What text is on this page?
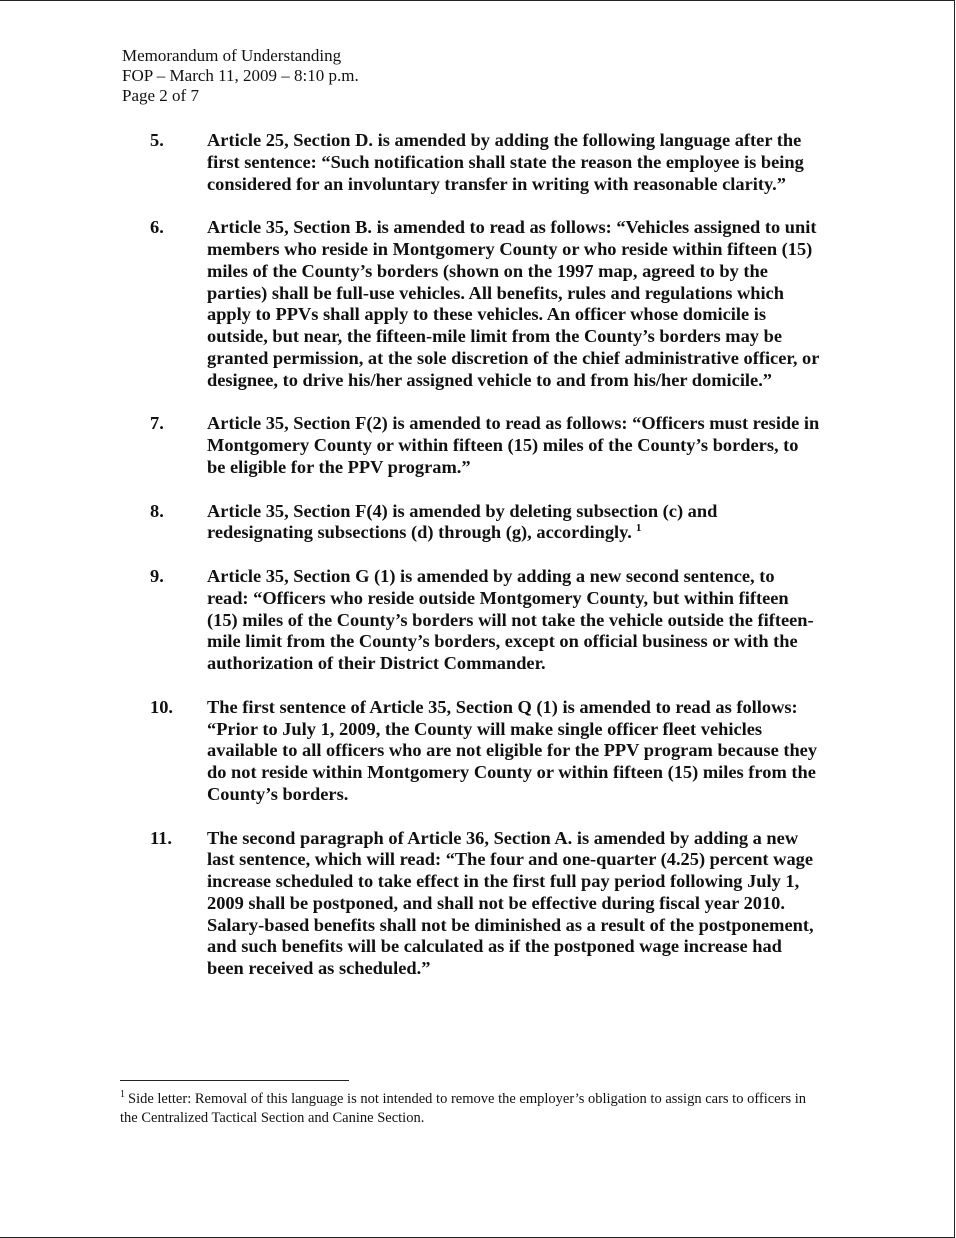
Memorandum of Understanding
FOP – March 11, 2009 – 8:10 p.m.
Page 2 of 7
5.	Article 25, Section D. is amended by adding the following language after the first sentence: “Such notification shall state the reason the employee is being considered for an involuntary transfer in writing with reasonable clarity.”
6.	Article 35, Section B. is amended to read as follows: “Vehicles assigned to unit members who reside in Montgomery County or who reside within fifteen (15) miles of the County’s borders (shown on the 1997 map, agreed to by the parties) shall be full-use vehicles. All benefits, rules and regulations which apply to PPVs shall apply to these vehicles. An officer whose domicile is outside, but near, the fifteen-mile limit from the County’s borders may be granted permission, at the sole discretion of the chief administrative officer, or designee, to drive his/her assigned vehicle to and from his/her domicile.”
7.	Article 35, Section F(2) is amended to read as follows: “Officers must reside in Montgomery County or within fifteen (15) miles of the County’s borders, to be eligible for the PPV program.”
8.	Article 35, Section F(4) is amended by deleting subsection (c) and redesignating subsections (d) through (g), accordingly. $^1$
9.	Article 35, Section G (1) is amended by adding a new second sentence, to read: “Officers who reside outside Montgomery County, but within fifteen (15) miles of the County’s borders will not take the vehicle outside the fifteen-mile limit from the County’s borders, except on official business or with the authorization of their District Commander.
10.	The first sentence of Article 35, Section Q (1) is amended to read as follows: “Prior to July 1, 2009, the County will make single officer fleet vehicles available to all officers who are not eligible for the PPV program because they do not reside within Montgomery County or within fifteen (15) miles from the County’s borders.
11.	The second paragraph of Article 36, Section A. is amended by adding a new last sentence, which will read: “The four and one-quarter (4.25) percent wage increase scheduled to take effect in the first full pay period following July 1, 2009 shall be postponed, and shall not be effective during fiscal year 2010. Salary-based benefits shall not be diminished as a result of the postponement, and such benefits will be calculated as if the postponed wage increase had been received as scheduled.”
$^1$ Side letter: Removal of this language is not intended to remove the employer’s obligation to assign cars to officers in the Centralized Tactical Section and Canine Section.
